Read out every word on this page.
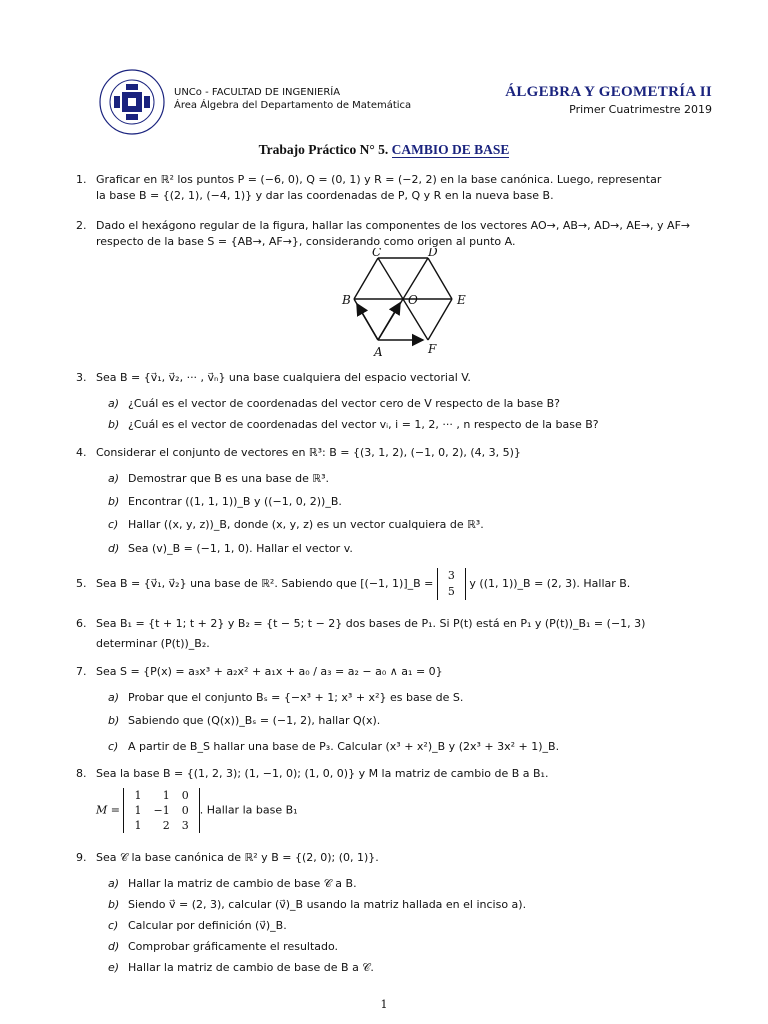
UNCo - FACULTAD DE INGENIERÍA
Área Álgebra del Departamento de Matemática
ÁLGEBRA Y GEOMETRÍA II
Primer Cuatrimestre 2019
Trabajo Práctico N° 5. CAMBIO DE BASE
1. Graficar en ℝ² los puntos P = (−6, 0), Q = (0, 1) y R = (−2, 2) en la base canónica. Luego, representar
la base B = {(2, 1), (−4, 1)} y dar las coordenadas de P, Q y R en la nueva base B.
2. Dado el hexágono regular de la figura, hallar las componentes de los vectores AO→, AB→, AD→, AE→, y AF→
respecto de la base S = {AB→, AF→}, considerando como origen al punto A.
A
B
C	D
E
F
O
3. Sea B = {v⃗₁, v⃗₂, ··· , v⃗ₙ} una base cualquiera del espacio vectorial V.
a) ¿Cuál es el vector de coordenadas del vector cero de V respecto de la base B?
b) ¿Cuál es el vector de coordenadas del vector vᵢ, i = 1, 2, ··· , n respecto de la base B?
4. Considerar el conjunto de vectores en ℝ³: B = {(3, 1, 2), (−1, 0, 2), (4, 3, 5)}
a) Demostrar que B es una base de ℝ³.
b) Encontrar ((1, 1, 1))_B y ((−1, 0, 2))_B.
c) Hallar ((x, y, z))_B, donde (x, y, z) es un vector cualquiera de ℝ³.
d) Sea (v)_B = (−1, 1, 0). Hallar el vector v.
5. Sea B = {v⃗₁, v⃗₂} una base de ℝ². Sabiendo que [(−1, 1)]_B =
3
5
y ((1, 1))_B = (2, 3). Hallar B.
6. Sea B₁ = {t + 1; t + 2} y B₂ = {t − 5; t − 2} dos bases de P₁. Si P(t) está en P₁ y (P(t))_B₁ = (−1, 3)
determinar (P(t))_B₂.
7. Sea S = {P(x) = a₃x³ + a₂x² + a₁x + a₀ / a₃ = a₂ − a₀ ∧ a₁ = 0}
a) Probar que el conjunto Bₛ = {−x³ + 1; x³ + x²} es base de S.
b) Sabiendo que (Q(x))_Bₛ = (−1, 2), hallar Q(x).
c) A partir de B_S hallar una base de P₃. Calcular (x³ + x²)_B y (2x³ + 3x² + 1)_B.
8. Sea la base B = {(1, 2, 3); (1, −1, 0); (1, 0, 0)} y M la matriz de cambio de B a B₁.
M =
1	1	0
1	−1	0
1	2	3
. Hallar la base B₁
9. Sea 𝒞 la base canónica de ℝ² y B = {(2, 0); (0, 1)}.
a) Hallar la matriz de cambio de base 𝒞 a B.
b) Siendo v⃗ = (2, 3), calcular (v⃗)_B usando la matriz hallada en el inciso a).
c) Calcular por definición (v⃗)_B.
d) Comprobar gráficamente el resultado.
e) Hallar la matriz de cambio de base de B a 𝒞.
1
